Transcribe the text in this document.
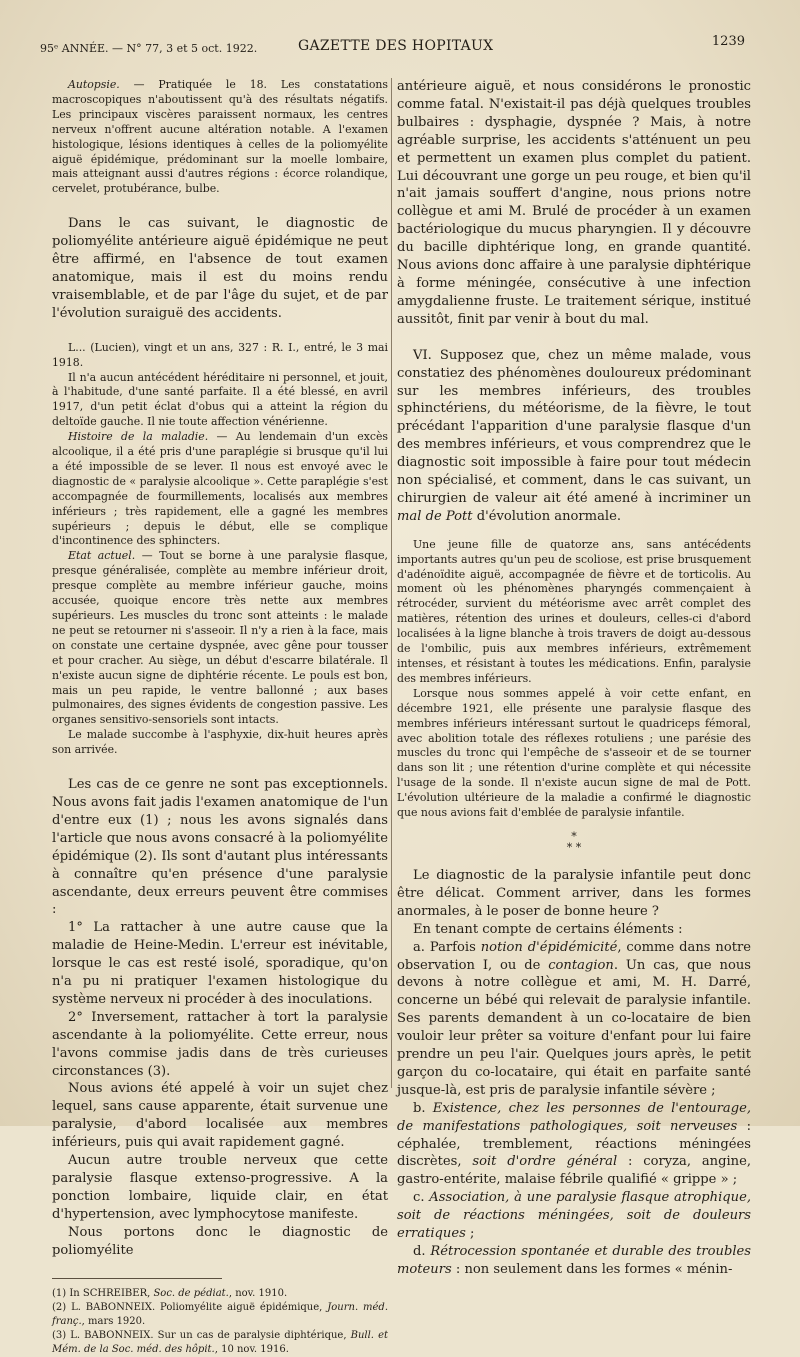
95ᵉ ANNÉE. — N° 77, 3 et 5 oct. 1922.	GAZETTE DES HOPITAUX	1239

Autopsie. — Pratiquée le 18. Les constatations macroscopiques n'aboutissent qu'à des résultats négatifs. Les principaux viscères paraissent normaux, les centres nerveux n'offrent aucune altération notable. A l'examen histologique, lésions identiques à celles de la poliomyélite aiguë épidémique, prédominant sur la moelle lombaire, mais atteignant aussi d'autres régions : écorce rolandique, cervelet, protubérance, bulbe.

Dans le cas suivant, le diagnostic de poliomyélite antérieure aiguë épidémique ne peut être affirmé, en l'absence de tout examen anatomique, mais il est du moins rendu vraisemblable, et de par l'âge du sujet, et de par l'évolution suraiguë des accidents.

L... (Lucien), vingt et un ans, 327 : R. I., entré, le 3 mai 1918.

Il n'a aucun antécédent héréditaire ni personnel, et jouit, à l'habitude, d'une santé parfaite. Il a été blessé, en avril 1917, d'un petit éclat d'obus qui a atteint la région du deltoïde gauche. Il nie toute affection vénérienne.

Histoire de la maladie. — Au lendemain d'un excès alcoolique, il a été pris d'une paraplégie si brusque qu'il lui a été impossible de se lever. Il nous est envoyé avec le diagnostic de « paralysie alcoolique ». Cette paraplégie s'est accompagnée de fourmillements, localisés aux membres inférieurs ; très rapidement, elle a gagné les membres supérieurs ; depuis le début, elle se complique d'incontinence des sphincters.

Etat actuel. — Tout se borne à une paralysie flasque, presque généralisée, complète au membre inférieur droit, presque complète au membre inférieur gauche, moins accusée, quoique encore très nette aux membres supérieurs. Les muscles du tronc sont atteints : le malade ne peut se retourner ni s'asseoir. Il n'y a rien à la face, mais on constate une certaine dyspnée, avec gêne pour tousser et pour cracher. Au siège, un début d'escarre bilatérale. Il n'existe aucun signe de diphtérie récente. Le pouls est bon, mais un peu rapide, le ventre ballonné ; aux bases pulmonaires, des signes évidents de congestion passive. Les organes sensitivo-sensoriels sont intacts.

Le malade succombe à l'asphyxie, dix-huit heures après son arrivée.

Les cas de ce genre ne sont pas exceptionnels. Nous avons fait jadis l'examen anatomique de l'un d'entre eux (1) ; nous les avons signalés dans l'article que nous avons consacré à la poliomyélite épidémique (2). Ils sont d'autant plus intéressants à connaître qu'en présence d'une paralysie ascendante, deux erreurs peuvent être commises :

1° La rattacher à une autre cause que la maladie de Heine-Medin. L'erreur est inévitable, lorsque le cas est resté isolé, sporadique, qu'on n'a pu ni pratiquer l'examen histologique du système nerveux ni procéder à des inoculations.

2° Inversement, rattacher à tort la paralysie ascendante à la poliomyélite. Cette erreur, nous l'avons commise jadis dans de très curieuses circonstances (3).

Nous avions été appelé à voir un sujet chez lequel, sans cause apparente, était survenue une paralysie, d'abord localisée aux membres inférieurs, puis qui avait rapidement gagné.

Aucun autre trouble nerveux que cette paralysie flasque extenso-progressive. A la ponction lombaire, liquide clair, en état d'hypertension, avec lymphocytose manifeste.

Nous portons donc le diagnostic de poliomyélite

(1) In SCHREIBER, Soc. de pédiat., nov. 1910.

(2) L. BABONNEIX. Poliomyélite aiguë épidémique, Journ. méd. franç., mars 1920.

(3) L. BABONNEIX. Sur un cas de paralysie diphtérique, Bull. et Mém. de la Soc. méd. des hôpit., 10 nov. 1916.

antérieure aiguë, et nous considérons le pronostic comme fatal. N'existait-il pas déjà quelques troubles bulbaires : dysphagie, dyspnée ? Mais, à notre agréable surprise, les accidents s'atténuent un peu et permettent un examen plus complet du patient. Lui découvrant une gorge un peu rouge, et bien qu'il n'ait jamais souffert d'angine, nous prions notre collègue et ami M. Brulé de procéder à un examen bactériologique du mucus pharyngien. Il y découvre du bacille diphtérique long, en grande quantité. Nous avions donc affaire à une paralysie diphtérique à forme méningée, consécutive à une infection amygdalienne fruste. Le traitement sérique, institué aussitôt, finit par venir à bout du mal.

VI. Supposez que, chez un même malade, vous constatiez des phénomènes douloureux prédominant sur les membres inférieurs, des troubles sphinctériens, du météorisme, de la fièvre, le tout précédant l'apparition d'une paralysie flasque d'un des membres inférieurs, et vous comprendrez que le diagnostic soit impossible à faire pour tout médecin non spécialisé, et comment, dans le cas suivant, un chirurgien de valeur ait été amené à incriminer un mal de Pott d'évolution anormale.

Une jeune fille de quatorze ans, sans antécédents importants autres qu'un peu de scoliose, est prise brusquement d'adénoïdite aiguë, accompagnée de fièvre et de torticolis. Au moment où les phénomènes pharyngés commençaient à rétrocéder, survient du météorisme avec arrêt complet des matières, rétention des urines et douleurs, celles-ci d'abord localisées à la ligne blanche à trois travers de doigt au-dessous de l'ombilic, puis aux membres inférieurs, extrêmement intenses, et résistant à toutes les médications. Enfin, paralysie des membres inférieurs.

Lorsque nous sommes appelé à voir cette enfant, en décembre 1921, elle présente une paralysie flasque des membres inférieurs intéressant surtout le quadriceps fémoral, avec abolition totale des réflexes rotuliens ; une parésie des muscles du tronc qui l'empêche de s'asseoir et de se tourner dans son lit ; une rétention d'urine complète et qui nécessite l'usage de la sonde. Il n'existe aucun signe de mal de Pott. L'évolution ultérieure de la maladie a confirmé le diagnostic que nous avions fait d'emblée de paralysie infantile.

*
* *

Le diagnostic de la paralysie infantile peut donc être délicat. Comment arriver, dans les formes anormales, à le poser de bonne heure ?

En tenant compte de certains éléments :

a. Parfois notion d'épidémicité, comme dans notre observation I, ou de contagion. Un cas, que nous devons à notre collègue et ami, M. H. Darré, concerne un bébé qui relevait de paralysie infantile. Ses parents demandent à un co-locataire de bien vouloir leur prêter sa voiture d'enfant pour lui faire prendre un peu l'air. Quelques jours après, le petit garçon du co-locataire, qui était en parfaite santé jusque-là, est pris de paralysie infantile sévère ;

b. Existence, chez les personnes de l'entourage, de manifestations pathologiques, soit nerveuses : céphalée, tremblement, réactions méningées discrètes, soit d'ordre général : coryza, angine, gastro-entérite, malaise fébrile qualifié « grippe » ;

c. Association, à une paralysie flasque atrophique, soit de réactions méningées, soit de douleurs erratiques ;

d. Rétrocession spontanée et durable des troubles moteurs : non seulement dans les formes « ménin-
